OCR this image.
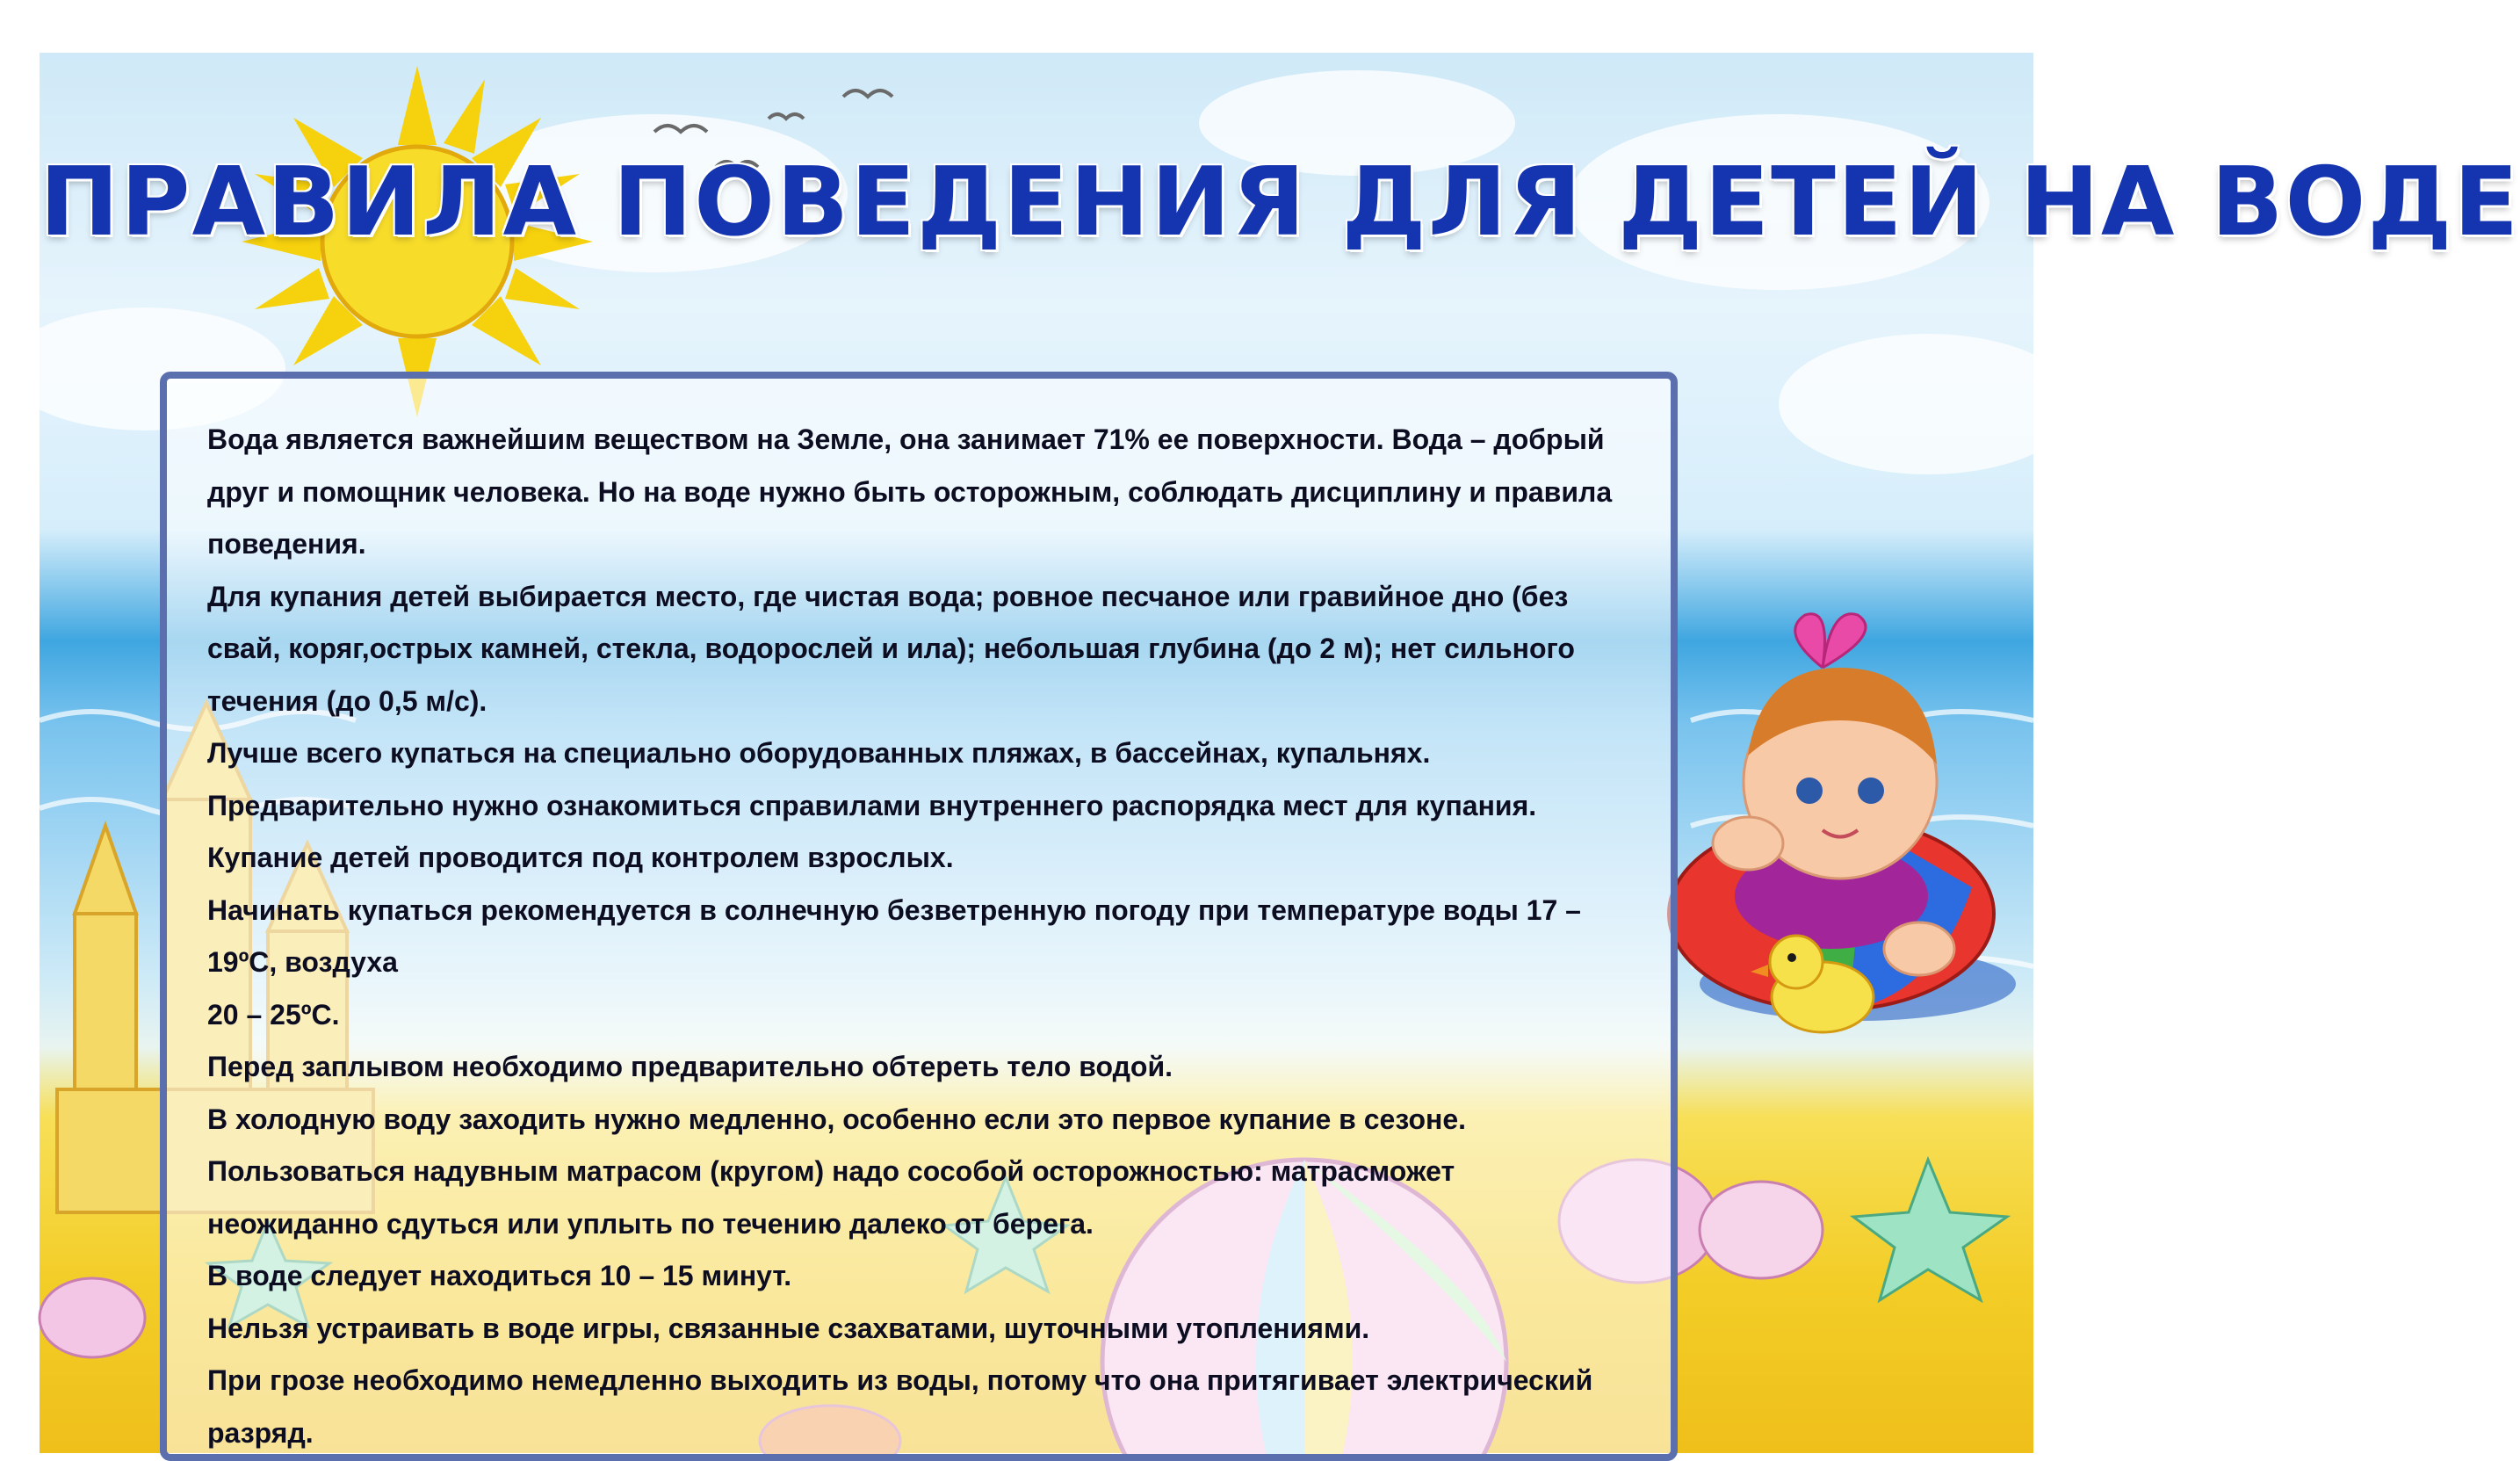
ПРАВИЛА ПОВЕДЕНИЯ ДЛЯ ДЕТЕЙ НА ВОДЕ

Вода является важнейшим веществом на Земле, она занимает 71% ее поверхности. Вода – добрый друг и помощник человека. Но на воде нужно быть осторожным, соблюдать дисциплину и правила поведения.

Для купания детей выбирается место, где чистая вода; ровное песчаное или гравийное дно (без свай, коряг,острых камней, стекла, водорослей и ила); небольшая глубина (до 2 м); нет сильного течения (до 0,5 м/с).

Лучше всего купаться на специально оборудованных пляжах, в бассейнах, купальнях. Предварительно нужно ознакомиться справилами внутреннего распорядка мест для купания.

Купание детей проводится под контролем взрослых.

Начинать купаться рекомендуется в солнечную безветренную погоду при температуре воды 17 – 19ºС, воздуха

20 – 25ºС.

Перед заплывом необходимо предварительно обтереть тело водой.

В холодную воду заходить нужно медленно, особенно если это первое купание в сезоне.

Пользоваться надувным матрасом (кругом) надо сособой осторожностью: матрасможет неожиданно сдуться или уплыть по течению далеко от берега.

В воде следует находиться 10 – 15 минут.

Нельзя устраивать в воде игры, связанные сзахватами, шуточными утоплениями.

При грозе необходимо немедленно выходить из воды, потому что она притягивает электрический разряд.
